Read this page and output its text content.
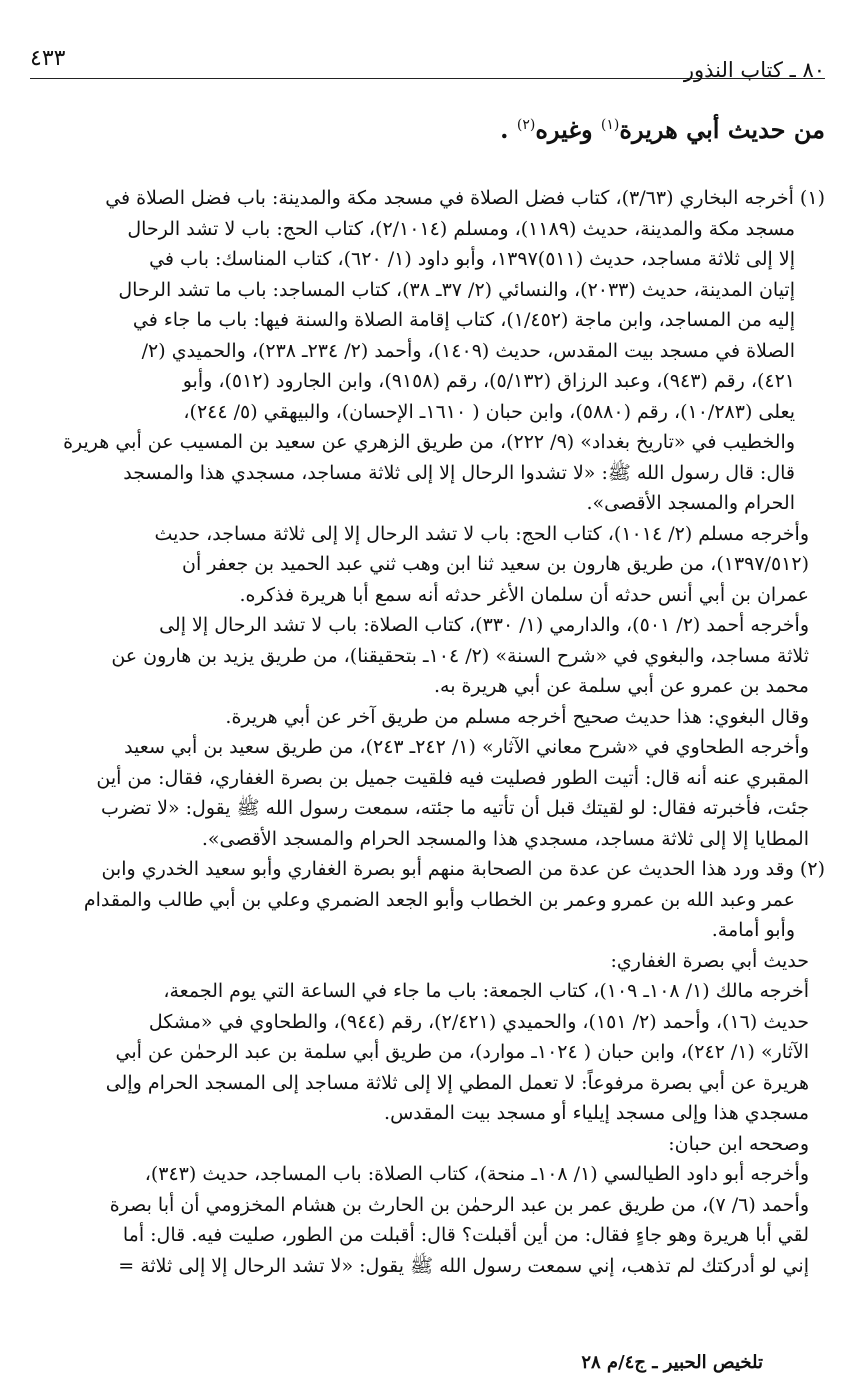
٨٠ ـ كتاب النذور
٤٣٣
من حديث أبي هريرة$^{(١)}$ وغيره$^{(٢)}$ .
(١) أخرجه البخاري (٣/٦٣)، كتاب فضل الصلاة في مسجد مكة والمدينة: باب فضل الصلاة في
مسجد مكة والمدينة، حديث (١١٨٩)، ومسلم (٢/١٠١٤)، كتاب الحج: باب لا تشد الرحال
إلا إلى ثلاثة مساجد، حديث (٥١١)١٣٩٧، وأبو داود (١/ ٦٢٠)، كتاب المناسك: باب في
إتيان المدينة، حديث (٢٠٣٣)، والنسائي (٢/ ٣٧ـ ٣٨)، كتاب المساجد: باب ما تشد الرحال
إليه من المساجد، وابن ماجة (١/٤٥٢)، كتاب إقامة الصلاة والسنة فيها: باب ما جاء في
الصلاة في مسجد بيت المقدس، حديث (١٤٠٩)، وأحمد (٢/ ٢٣٤ـ ٢٣٨)، والحميدي (٢/
٤٢١)، رقم (٩٤٣)، وعبد الرزاق (٥/١٣٢)، رقم (٩١٥٨)، وابن الجارود (٥١٢)، وأبو
يعلى (١٠/٢٨٣)، رقم (٥٨٨٠)، وابن حبان ( ١٦١٠ـ الإحسان)، والبيهقي (٥/ ٢٤٤)،
والخطيب في «تاريخ بغداد» (٩/ ٢٢٢)، من طريق الزهري عن سعيد بن المسيب عن أبي هريرة
قال: قال رسول الله ﷺ: «لا تشدوا الرحال إلا إلى ثلاثة مساجد، مسجدي هذا والمسجد
الحرام والمسجد الأقصى».
وأخرجه مسلم (٢/ ١٠١٤)، كتاب الحج: باب لا تشد الرحال إلا إلى ثلاثة مساجد، حديث
(١٣٩٧/٥١٢)، من طريق هارون بن سعيد ثنا ابن وهب ثني عبد الحميد بن جعفر أن
عمران بن أبي أنس حدثه أن سلمان الأغر حدثه أنه سمع أبا هريرة فذكره.
وأخرجه أحمد (٢/ ٥٠١)، والدارمي (١/ ٣٣٠)، كتاب الصلاة: باب لا تشد الرحال إلا إلى
ثلاثة مساجد، والبغوي في «شرح السنة» (٢/ ١٠٤ـ بتحقيقنا)، من طريق يزيد بن هارون عن
محمد بن عمرو عن أبي سلمة عن أبي هريرة به.
وقال البغوي: هذا حديث صحيح أخرجه مسلم من طريق آخر عن أبي هريرة.
وأخرجه الطحاوي في «شرح معاني الآثار» (١/ ٢٤٢ـ ٢٤٣)، من طريق سعيد بن أبي سعيد
المقبري عنه أنه قال: أتيت الطور فصليت فيه فلقيت جميل بن بصرة الغفاري، فقال: من أين
جئت، فأخبرته فقال: لو لقيتك قبل أن تأتيه ما جئته، سمعت رسول الله ﷺ يقول: «لا تضرب
المطايا إلا إلى ثلاثة مساجد، مسجدي هذا والمسجد الحرام والمسجد الأقصى».
(٢) وقد ورد هذا الحديث عن عدة من الصحابة منهم أبو بصرة الغفاري وأبو سعيد الخدري وابن
عمر وعبد الله بن عمرو وعمر بن الخطاب وأبو الجعد الضمري وعلي بن أبي طالب والمقدام
وأبو أمامة.
حديث أبي بصرة الغفاري:
أخرجه مالك (١/ ١٠٨ـ ١٠٩)، كتاب الجمعة: باب ما جاء في الساعة التي يوم الجمعة،
حديث (١٦)، وأحمد (٢/ ١٥١)، والحميدي (٢/٤٢١)، رقم (٩٤٤)، والطحاوي في «مشكل
الآثار» (١/ ٢٤٢)، وابن حبان ( ١٠٢٤ـ موارد)، من طريق أبي سلمة بن عبد الرحمٰن عن أبي
هريرة عن أبي بصرة مرفوعاً: لا تعمل المطي إلا إلى ثلاثة مساجد إلى المسجد الحرام وإلى
مسجدي هذا وإلى مسجد إيلياء أو مسجد بيت المقدس.
وصححه ابن حبان:
وأخرجه أبو داود الطيالسي (١/ ١٠٨ـ منحة)، كتاب الصلاة: باب المساجد، حديث (٣٤٣)،
وأحمد (٦/ ٧)، من طريق عمر بن عبد الرحمٰن بن الحارث بن هشام المخزومي أن أبا بصرة
لقي أبا هريرة وهو جاءٍ فقال: من أين أقبلت؟ قال: أقبلت من الطور، صليت فيه. قال: أما
إني لو أدركتك لم تذهب، إني سمعت رسول الله ﷺ يقول: «لا تشد الرحال إلا إلى ثلاثة =
تلخيص الحبير ـ ج٤/م ٢٨
